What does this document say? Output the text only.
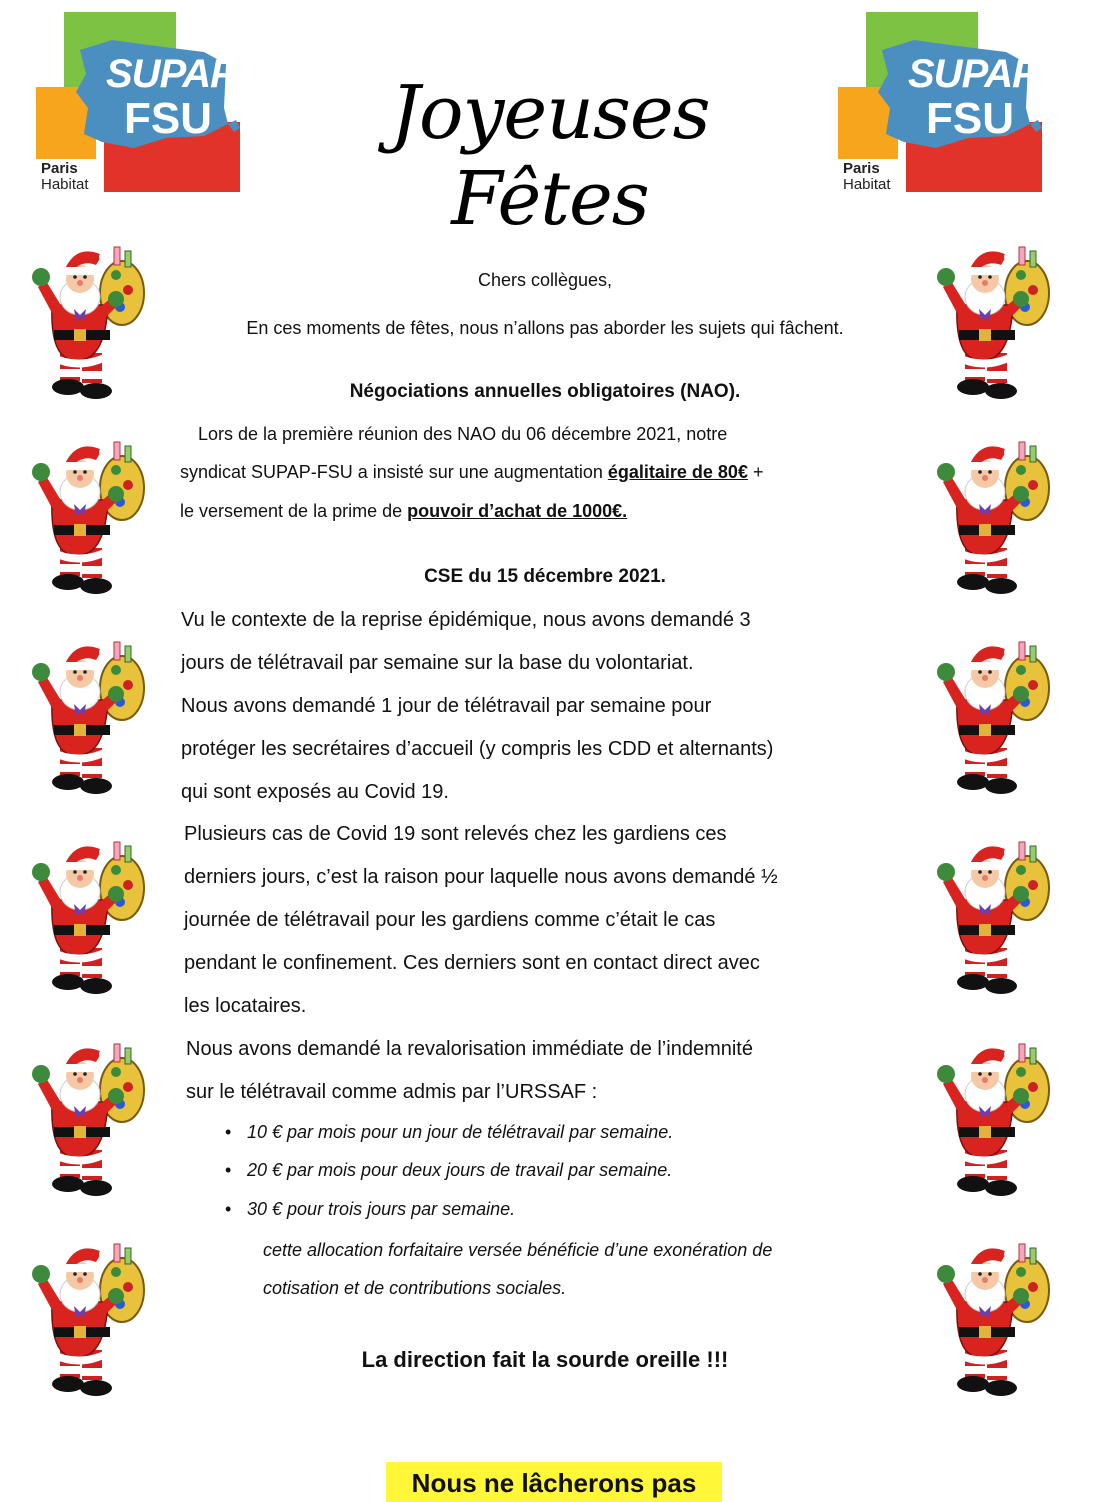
SUPAP
FSU
Paris
Habitat
SUPAP
FSU
Paris
Habitat
Joyeuses Fêtes
Chers collègues,
En ces moments de fêtes, nous n’allons pas aborder les sujets qui fâchent.
Négociations annuelles obligatoires (NAO).
Lors de la première réunion des NAO du 06 décembre 2021, notre
syndicat SUPAP-FSU a insisté sur une augmentation égalitaire de 80€ +
le versement de la prime de pouvoir d’achat de 1000€.
CSE du 15 décembre 2021.
Vu le contexte de la reprise épidémique, nous avons demandé 3
jours de télétravail par semaine sur la base du volontariat.
Nous avons demandé 1 jour de télétravail par semaine pour
protéger les secrétaires d’accueil (y compris les CDD et alternants)
qui sont exposés au Covid 19.
Plusieurs cas de Covid 19 sont relevés chez les gardiens ces
derniers jours, c’est la raison pour laquelle nous avons demandé ½
journée de télétravail pour les gardiens comme c’était le cas
pendant le confinement. Ces derniers sont en contact direct avec
les locataires.
Nous avons demandé la revalorisation immédiate de l’indemnité
sur le télétravail comme admis par l’URSSAF :
• 10 € par mois pour un jour de télétravail par semaine.
• 20 € par mois pour deux jours de travail par semaine.
• 30 € pour trois jours par semaine.
cette allocation forfaitaire versée bénéficie d’une exonération de
cotisation et de contributions sociales.
La direction fait la sourde oreille !!!
Nous ne lâcherons pas
